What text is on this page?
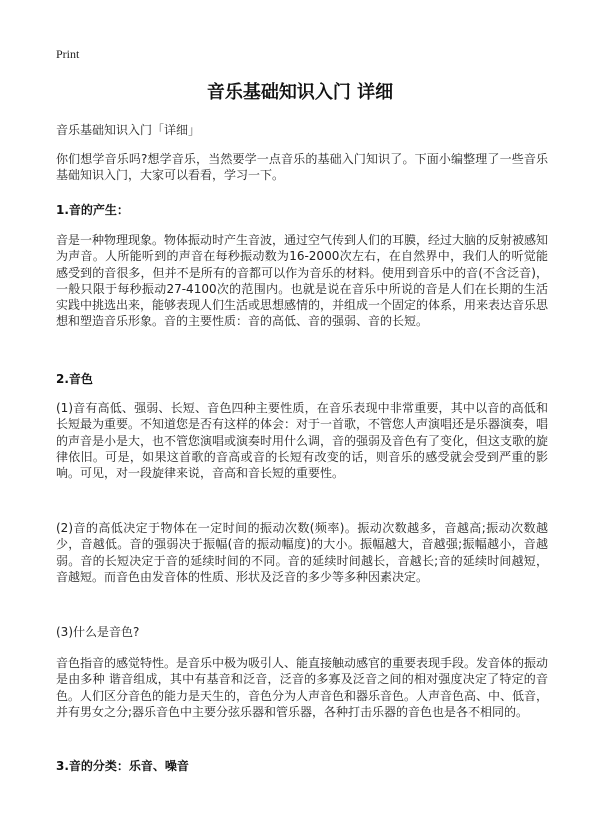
Print
音乐基础知识入门 详细
音乐基础知识入门「详细」
你们想学音乐吗?想学音乐，当然要学一点音乐的基础入门知识了。下面小编整理了一些音乐基础知识入门，大家可以看看，学习一下。
1.音的产生：
音是一种物理现象。物体振动时产生音波，通过空气传到人们的耳膜，经过大脑的反射被感知为声音。人所能听到的声音在每秒振动数为16-2000次左右，在自然界中，我们人的听觉能感受到的音很多，但并不是所有的音都可以作为音乐的材料。使用到音乐中的音(不含泛音)，一般只限于每秒振动27-4100次的范围内。也就是说在音乐中所说的音是人们在长期的生活实践中挑选出来，能够表现人们生活或思想感情的，并组成一个固定的体系，用来表达音乐思想和塑造音乐形象。音的主要性质：音的高低、音的强弱、音的长短。
2.音色
(1)音有高低、强弱、长短、音色四种主要性质，在音乐表现中非常重要，其中以音的高低和长短最为重要。不知道您是否有这样的体会：对于一首歌，不管您人声演唱还是乐器演奏，唱的声音是小是大，也不管您演唱或演奏时用什么调，音的强弱及音色有了变化，但这支歌的旋律依旧。可是，如果这首歌的音高或音的长短有改变的话，则音乐的感受就会受到严重的影响。可见，对一段旋律来说，音高和音长短的重要性。
(2)音的高低决定于物体在一定时间的振动次数(频率)。振动次数越多，音越高;振动次数越少，音越低。音的强弱决于振幅(音的振动幅度)的大小。振幅越大，音越强;振幅越小，音越弱。音的长短决定于音的延续时间的不同。音的延续时间越长，音越长;音的延续时间越短，音越短。而音色由发音体的性质、形状及泛音的多少等多种因素决定。
(3)什么是音色?
音色指音的感觉特性。是音乐中极为吸引人、能直接触动感官的重要表现手段。发音体的振动是由多种 谐音组成，其中有基音和泛音，泛音的多寡及泛音之间的相对强度决定了特定的音色。人们区分音色的能力是天生的，音色分为人声音色和器乐音色。人声音色高、中、低音，并有男女之分;器乐音色中主要分弦乐器和管乐器，各种打击乐器的音色也是各不相同的。
3.音的分类：乐音、噪音
